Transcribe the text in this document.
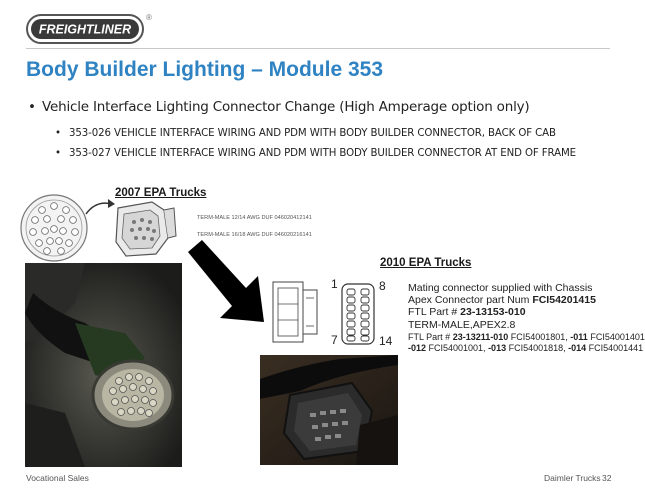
FREIGHTLINER
®
Body Builder Lighting – Module 353
• Vehicle Interface Lighting Connector Change (High Amperage option only)
• 353-026 VEHICLE INTERFACE WIRING AND PDM WITH BODY BUILDER CONNECTOR, BACK OF CAB
• 353-027 VEHICLE INTERFACE WIRING AND PDM WITH BODY BUILDER CONNECTOR AT END OF FRAME
2007 EPA Trucks
TERM-MALE 12/14 AWG DUF 046020412141
TERM-MALE 16/18 AWG DUF 046020216141
2010 EPA Trucks
1	8
7	14
Mating connector supplied with Chassis
Apex Connector part Num FCI54201415
FTL Part # 23-13153-010
TERM-MALE,APEX2.8
FTL Part # 23-13211-010 FCI54001801, -011 FCI54001401
-012 FCI54001001, -013 FCI54001818, -014 FCI54001441
Vocational Sales	Daimler Trucks 32
